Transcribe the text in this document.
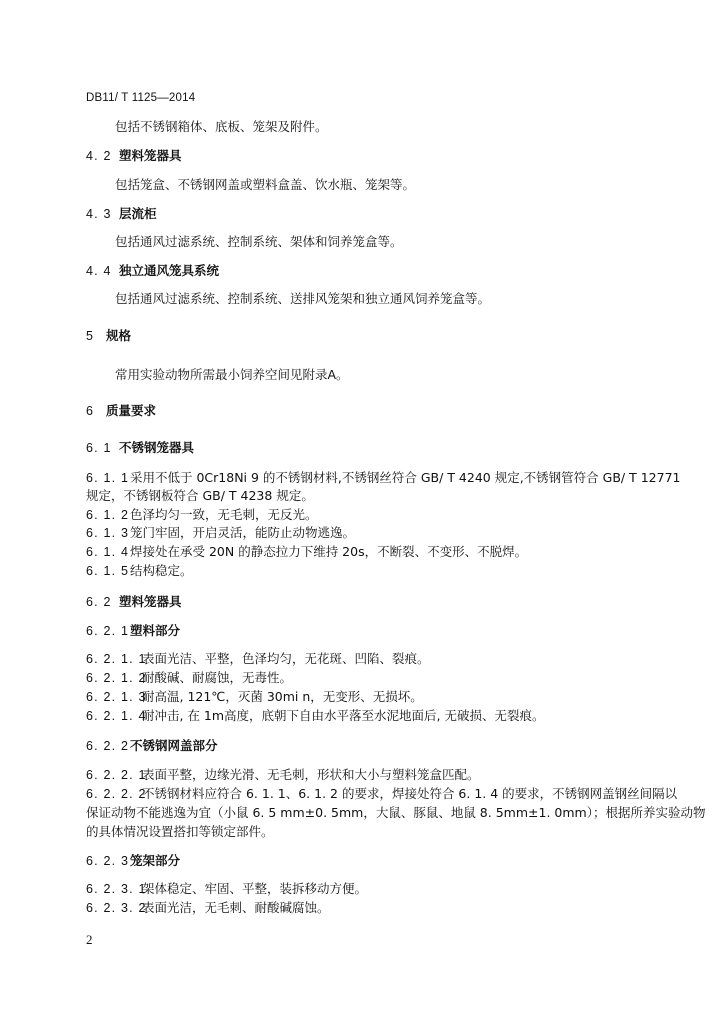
DB11/ T 1125—2014
包括不锈钢箱体、底板、笼架及附件。
4. 2 塑料笼器具
包括笼盒、不锈钢网盖或塑料盒盖、饮水瓶、笼架等。
4. 3 层流柜
包括通风过滤系统、控制系统、架体和饲养笼盒等。
4. 4 独立通风笼具系统
包括通风过滤系统、控制系统、送排风笼架和独立通风饲养笼盒等。
5 规格
常用实验动物所需最小饲养空间见附录A。
6 质量要求
6. 1 不锈钢笼器具
6. 1. 1采用不低于 0Cr18Ni 9 的不锈钢材料,不锈钢丝符合 GB/ T 4240 规定,不锈钢管符合 GB/ T 12771
规定，不锈钢板符合 GB/ T 4238 规定。
6. 1. 2色泽均匀一致，无毛刺，无反光。
6. 1. 3笼门牢固，开启灵活，能防止动物逃逸。
6. 1. 4焊接处在承受 20N 的静态拉力下维持 20s，不断裂、不变形、不脱焊。
6. 1. 5结构稳定。
6. 2 塑料笼器具
6. 2. 1塑料部分
6. 2. 1. 1表面光洁、平整，色泽均匀，无花斑、凹陷、裂痕。
6. 2. 1. 2耐酸碱、耐腐蚀，无毒性。
6. 2. 1. 3耐高温, 121℃，灭菌 30mi n，无变形、无损坏。
6. 2. 1. 4耐冲击, 在 1m高度，底朝下自由水平落至水泥地面后, 无破损、无裂痕。
6. 2. 2不锈钢网盖部分
6. 2. 2. 1表面平整，边缘光滑、无毛刺，形状和大小与塑料笼盒匹配。
6. 2. 2. 2不锈钢材料应符合 6. 1. 1、6. 1. 2 的要求，焊接处符合 6. 1. 4 的要求，不锈钢网盖钢丝间隔以
保证动物不能逃逸为宜（小鼠 6. 5 mm±0. 5mm，大鼠、豚鼠、地鼠 8. 5mm±1. 0mm）；根据所养实验动物
的具体情况设置搭扣等锁定部件。
6. 2. 3笼架部分
6. 2. 3. 1架体稳定、牢固、平整，装拆移动方便。
6. 2. 3. 2表面光洁，无毛刺、耐酸碱腐蚀。
2
